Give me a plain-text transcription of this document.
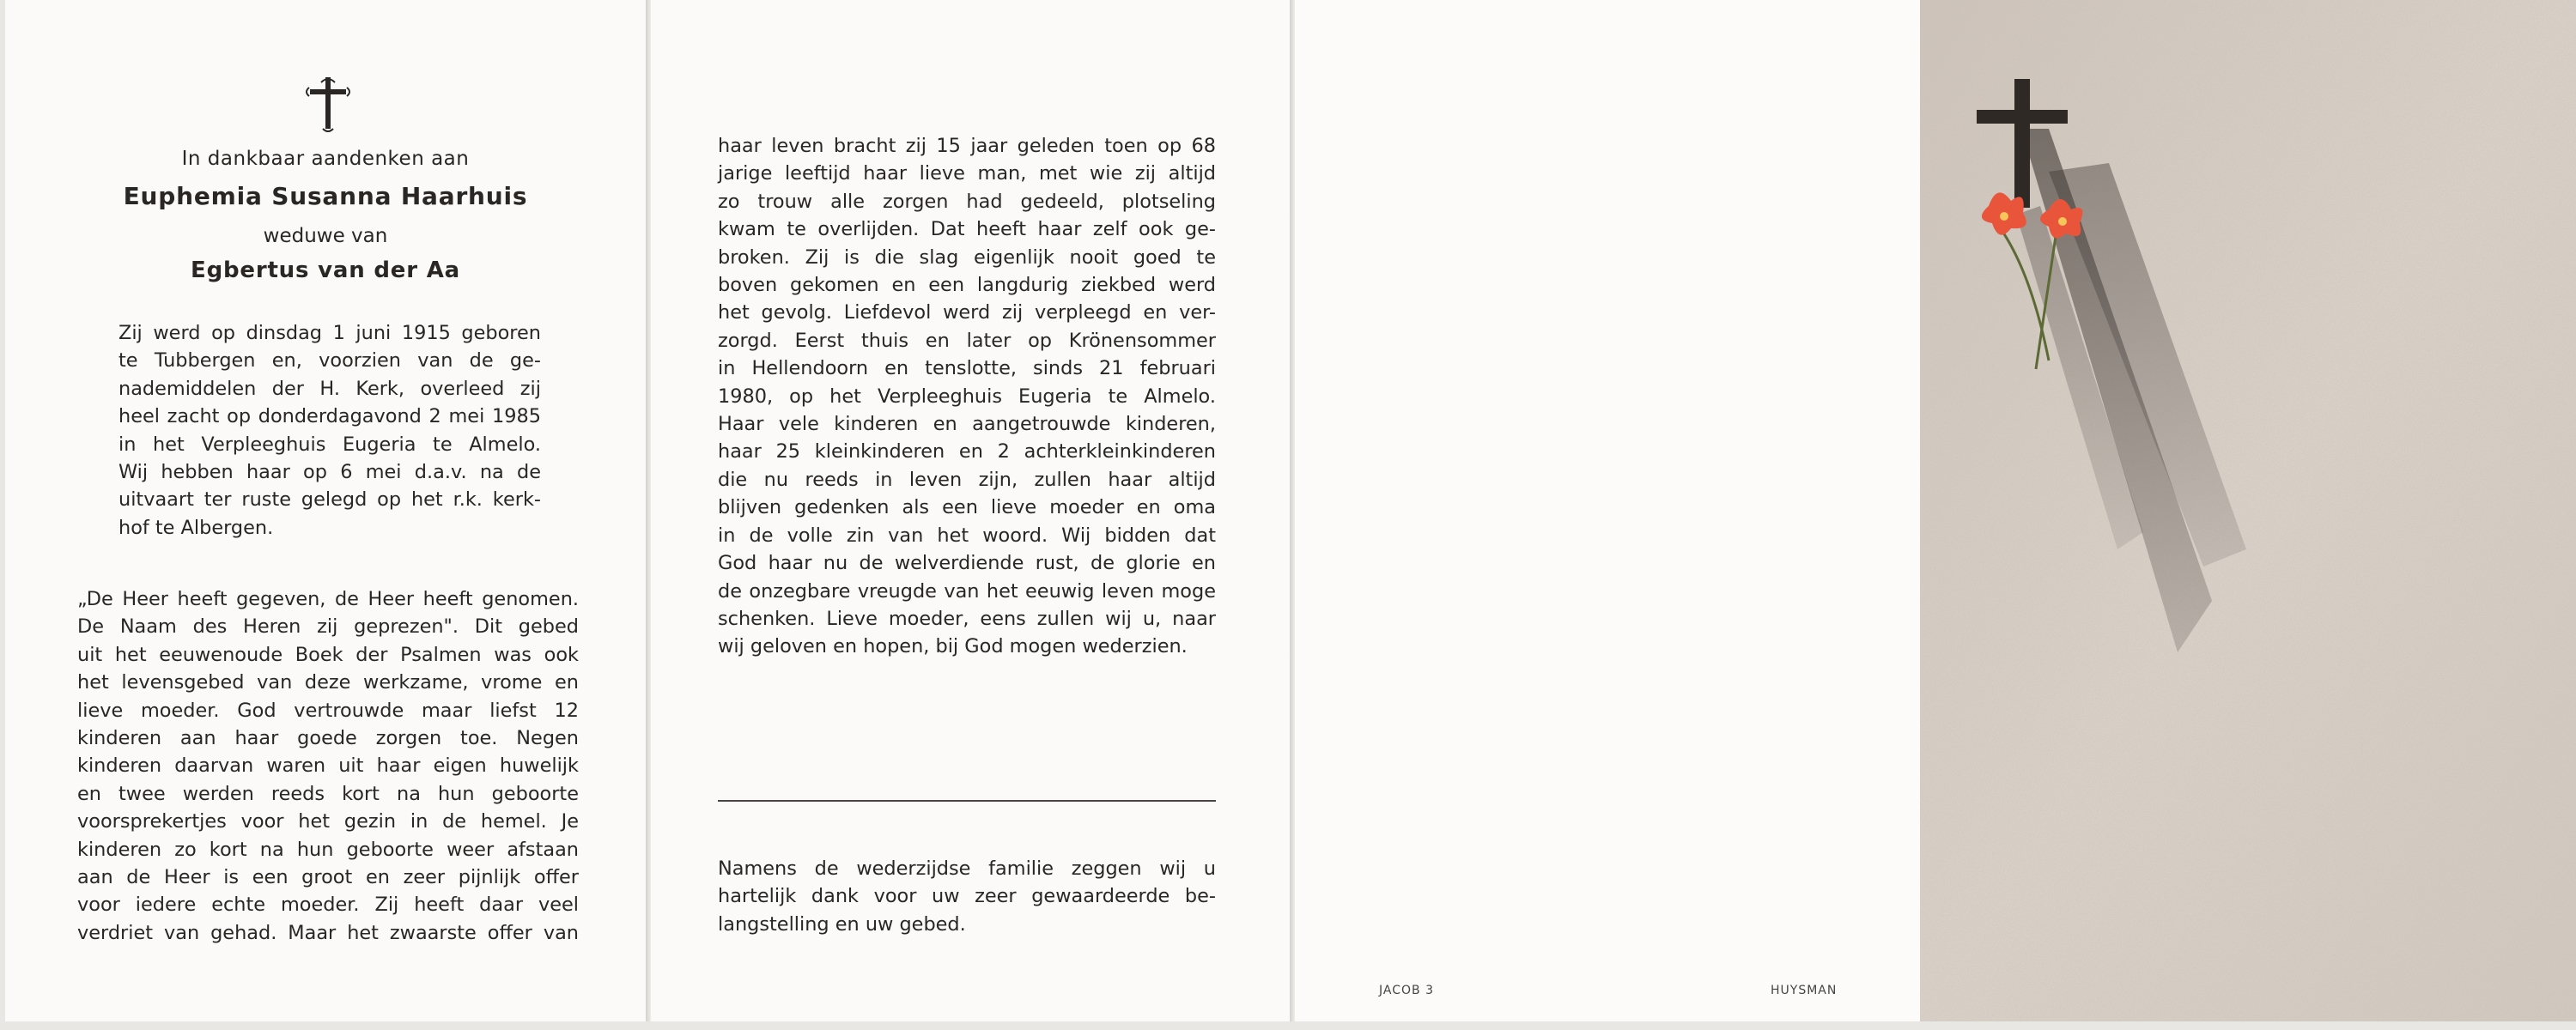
In dankbaar aandenken aan
Euphemia Susanna Haarhuis
weduwe van
Egbertus van der Aa
Zij werd op dinsdag 1 juni 1915 geboren
te Tubbergen en, voorzien van de ge-
nademiddelen der H. Kerk, overleed zij
heel zacht op donderdagavond 2 mei 1985
in het Verpleeghuis Eugeria te Almelo.
Wij hebben haar op 6 mei d.a.v. na de
uitvaart ter ruste gelegd op het r.k. kerk-
hof te Albergen.
„De Heer heeft gegeven, de Heer heeft genomen.
De Naam des Heren zij geprezen". Dit gebed
uit het eeuwenoude Boek der Psalmen was ook
het levensgebed van deze werkzame, vrome en
lieve moeder. God vertrouwde maar liefst 12
kinderen aan haar goede zorgen toe. Negen
kinderen daarvan waren uit haar eigen huwelijk
en twee werden reeds kort na hun geboorte
voorsprekertjes voor het gezin in de hemel. Je
kinderen zo kort na hun geboorte weer afstaan
aan de Heer is een groot en zeer pijnlijk offer
voor iedere echte moeder. Zij heeft daar veel
verdriet van gehad. Maar het zwaarste offer van
haar leven bracht zij 15 jaar geleden toen op 68
jarige leeftijd haar lieve man, met wie zij altijd
zo trouw alle zorgen had gedeeld, plotseling
kwam te overlijden. Dat heeft haar zelf ook ge-
broken. Zij is die slag eigenlijk nooit goed te
boven gekomen en een langdurig ziekbed werd
het gevolg. Liefdevol werd zij verpleegd en ver-
zorgd. Eerst thuis en later op Krönensommer
in Hellendoorn en tenslotte, sinds 21 februari
1980, op het Verpleeghuis Eugeria te Almelo.
Haar vele kinderen en aangetrouwde kinderen,
haar 25 kleinkinderen en 2 achterkleinkinderen
die nu reeds in leven zijn, zullen haar altijd
blijven gedenken als een lieve moeder en oma
in de volle zin van het woord. Wij bidden dat
God haar nu de welverdiende rust, de glorie en
de onzegbare vreugde van het eeuwig leven moge
schenken. Lieve moeder, eens zullen wij u, naar
wij geloven en hopen, bij God mogen wederzien.
Namens de wederzijdse familie zeggen wij u
hartelijk dank voor uw zeer gewaardeerde be-
langstelling en uw gebed.
JACOB 3	HUYSMAN
